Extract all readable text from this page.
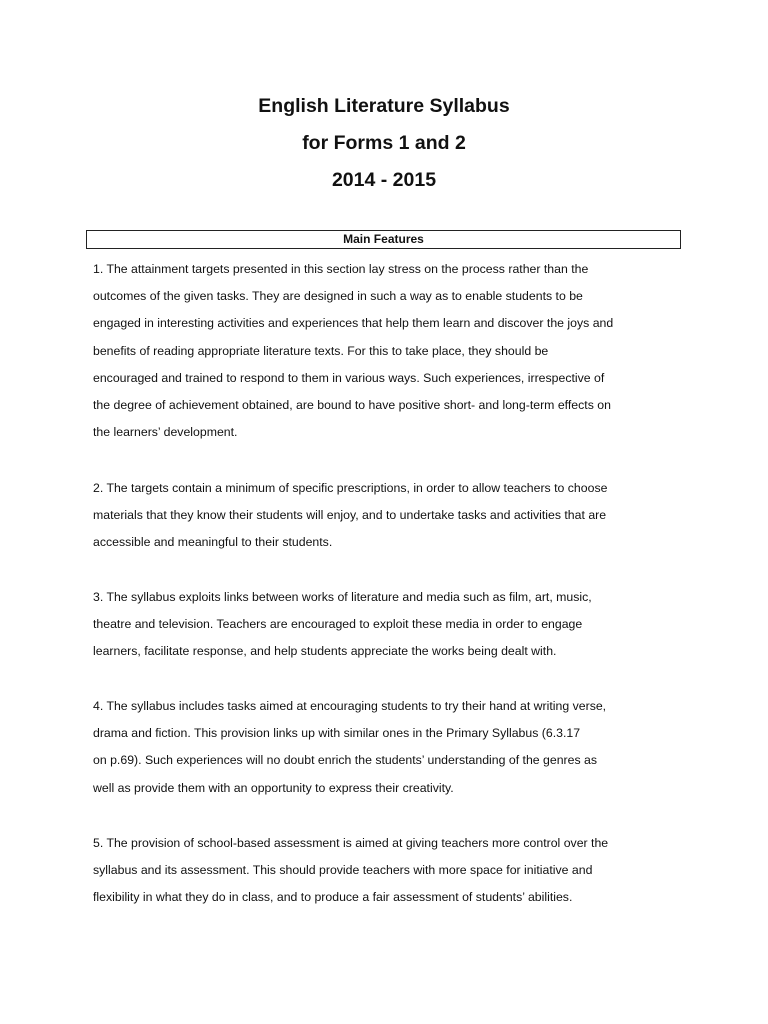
English Literature Syllabus

for Forms 1 and 2

2014 - 2015

Main Features
1. The attainment targets presented in this section lay stress on the process rather than the
outcomes of the given tasks. They are designed in such a way as to enable students to be
engaged in interesting activities and experiences that help them learn and discover the joys and
benefits of reading appropriate literature texts. For this to take place, they should be
encouraged and trained to respond to them in various ways. Such experiences, irrespective of
the degree of achievement obtained, are bound to have positive short- and long-term effects on
the learners’ development.
2. The targets contain a minimum of specific prescriptions, in order to allow teachers to choose
materials that they know their students will enjoy, and to undertake tasks and activities that are
accessible and meaningful to their students.
3. The syllabus exploits links between works of literature and media such as film, art, music,
theatre and television. Teachers are encouraged to exploit these media in order to engage
learners, facilitate response, and help students appreciate the works being dealt with.
4. The syllabus includes tasks aimed at encouraging students to try their hand at writing verse,
drama and fiction. This provision links up with similar ones in the Primary Syllabus (6.3.17
on p.69). Such experiences will no doubt enrich the students’ understanding of the genres as
well as provide them with an opportunity to express their creativity.
5. The provision of school-based assessment is aimed at giving teachers more control over the
syllabus and its assessment. This should provide teachers with more space for initiative and
flexibility in what they do in class, and to produce a fair assessment of students’ abilities.
